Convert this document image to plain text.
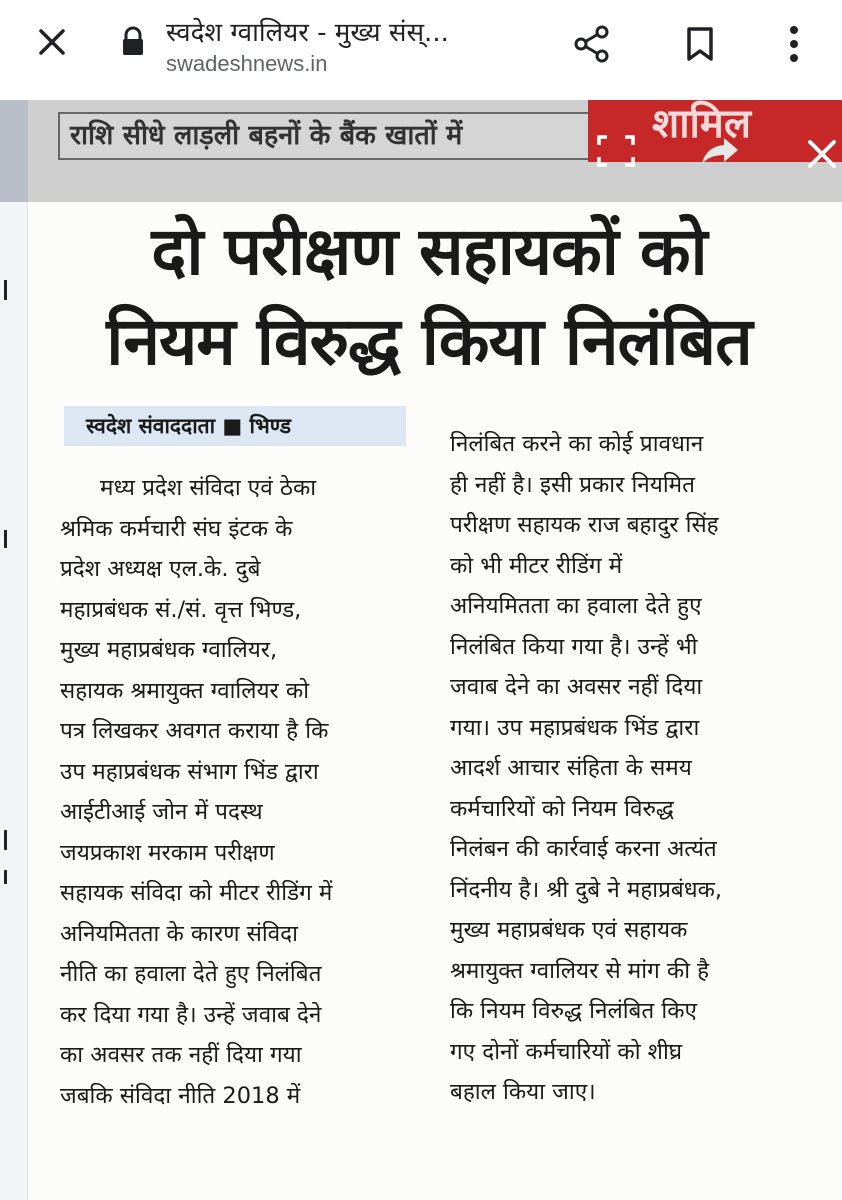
स्वदेश ग्वालियर - मुख्य संस्...
swadeshnews.in
दो परीक्षण सहायकों को
नियम विरुद्ध किया निलंबित
स्वदेश संवाददाता ■ भिण्ड
मध्य प्रदेश संविदा एवं ठेका
श्रमिक कर्मचारी संघ इंटक के
प्रदेश अध्यक्ष एल.के. दुबे
महाप्रबंधक सं./सं. वृत्त भिण्ड,
मुख्य महाप्रबंधक ग्वालियर,
सहायक श्रमायुक्त ग्वालियर को
पत्र लिखकर अवगत कराया है कि
उप महाप्रबंधक संभाग भिंड द्वारा
आईटीआई जोन में पदस्थ
जयप्रकाश मरकाम परीक्षण
सहायक संविदा को मीटर रीडिंग में
अनियमितता के कारण संविदा
नीति का हवाला देते हुए निलंबित
कर दिया गया है। उन्हें जवाब देने
का अवसर तक नहीं दिया गया
जबकि संविदा नीति 2018 में
निलंबित करने का कोई प्रावधान
ही नहीं है। इसी प्रकार नियमित
परीक्षण सहायक राज बहादुर सिंह
को भी मीटर रीडिंग में
अनियमितता का हवाला देते हुए
निलंबित किया गया है। उन्हें भी
जवाब देने का अवसर नहीं दिया
गया। उप महाप्रबंधक भिंड द्वारा
आदर्श आचार संहिता के समय
कर्मचारियों को नियम विरुद्ध
निलंबन की कार्रवाई करना अत्यंत
निंदनीय है। श्री दुबे ने महाप्रबंधक,
मुख्य महाप्रबंधक एवं सहायक
श्रमायुक्त ग्वालियर से मांग की है
कि नियम विरुद्ध निलंबित किए
गए दोनों कर्मचारियों को शीघ्र
बहाल किया जाए।
राशि सीधे लाड़ली बहनों के बैंक खातों में	शामिल
